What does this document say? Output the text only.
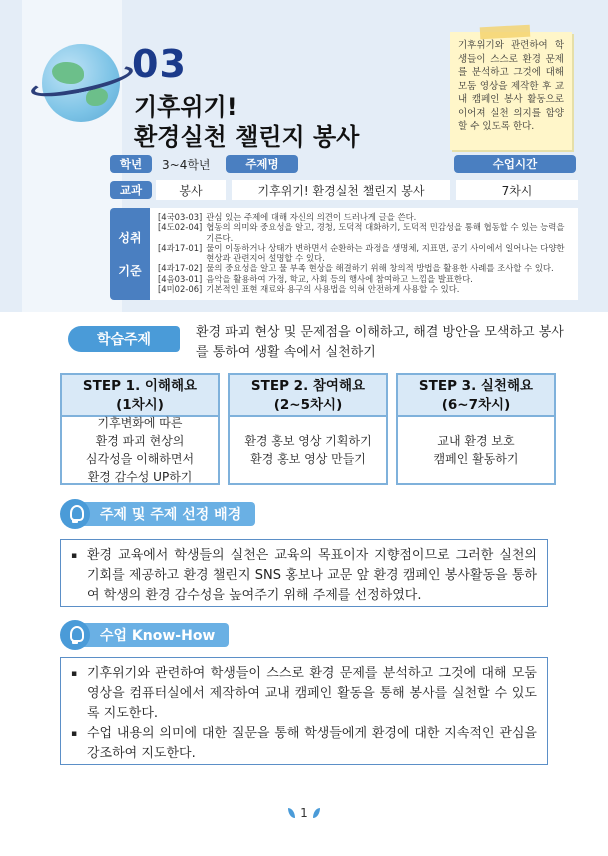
03
기후위기!
환경실천 챌린지 봉사
기후위기와 관련하여 학생들이 스스로 환경 문제를 분석하고 그것에 대해 모둠 영상을 제작한 후 교내 캠페인 봉사 활동으로 이어져 실천 의지를 함양할 수 있도록 한다.
학년	3~4학년	주제명	수업시간
교과	봉사	기후위기! 환경실천 챌린지 봉사	7차시
성취
기준
[4국03-03] 관심 있는 주제에 대해 자신의 의견이 드러나게 글을 쓴다.
[4도02-04] 협동의 의미와 중요성을 알고, 경청, 도덕적 대화하기, 도덕적 민감성을 통해 협동할 수 있는 능력을 기른다.
[4과17-01] 물이 이동하거나 상태가 변하면서 순환하는 과정을 생명체, 지표면, 공기 사이에서 일어나는 다양한 현상과 관련지어 설명할 수 있다.
[4과17-02] 물의 중요성을 알고 물 부족 현상을 해결하기 위해 창의적 방법을 활용한 사례를 조사할 수 있다.
[4음03-01] 음악을 활용하여 가정, 학교, 사회 등의 행사에 참여하고 느낌을 발표한다.
[4미02-06] 기본적인 표현 재료와 용구의 사용법을 익혀 안전하게 사용할 수 있다.
학습주제	환경 파괴 현상 및 문제점을 이해하고, 해결 방안을 모색하고 봉사를 통하여 생활 속에서 실천하기
STEP 1. 이해해요
(1차시)
기후변화에 따른
환경 파괴 현상의
심각성을 이해하면서
환경 감수성 UP하기
STEP 2. 참여해요
(2~5차시)
환경 홍보 영상 기획하기
환경 홍보 영상 만들기
STEP 3. 실천해요
(6~7차시)
교내 환경 보호
캠페인 활동하기
주제 및 주제 선정 배경
▪ 환경 교육에서 학생들의 실천은 교육의 목표이자 지향점이므로 그러한 실천의 기회를 제공하고 환경 챌린지 SNS 홍보나 교문 앞 환경 캠페인 봉사활동을 통하여 학생의 환경 감수성을 높여주기 위해 주제를 선정하였다.
수업 Know-How
▪ 기후위기와 관련하여 학생들이 스스로 환경 문제를 분석하고 그것에 대해 모둠 영상을 컴퓨터실에서 제작하여 교내 캠페인 활동을 통해 봉사를 실천할 수 있도록 지도한다.
▪ 수업 내용의 의미에 대한 질문을 통해 학생들에게 환경에 대한 지속적인 관심을 강조하여 지도한다.
1
